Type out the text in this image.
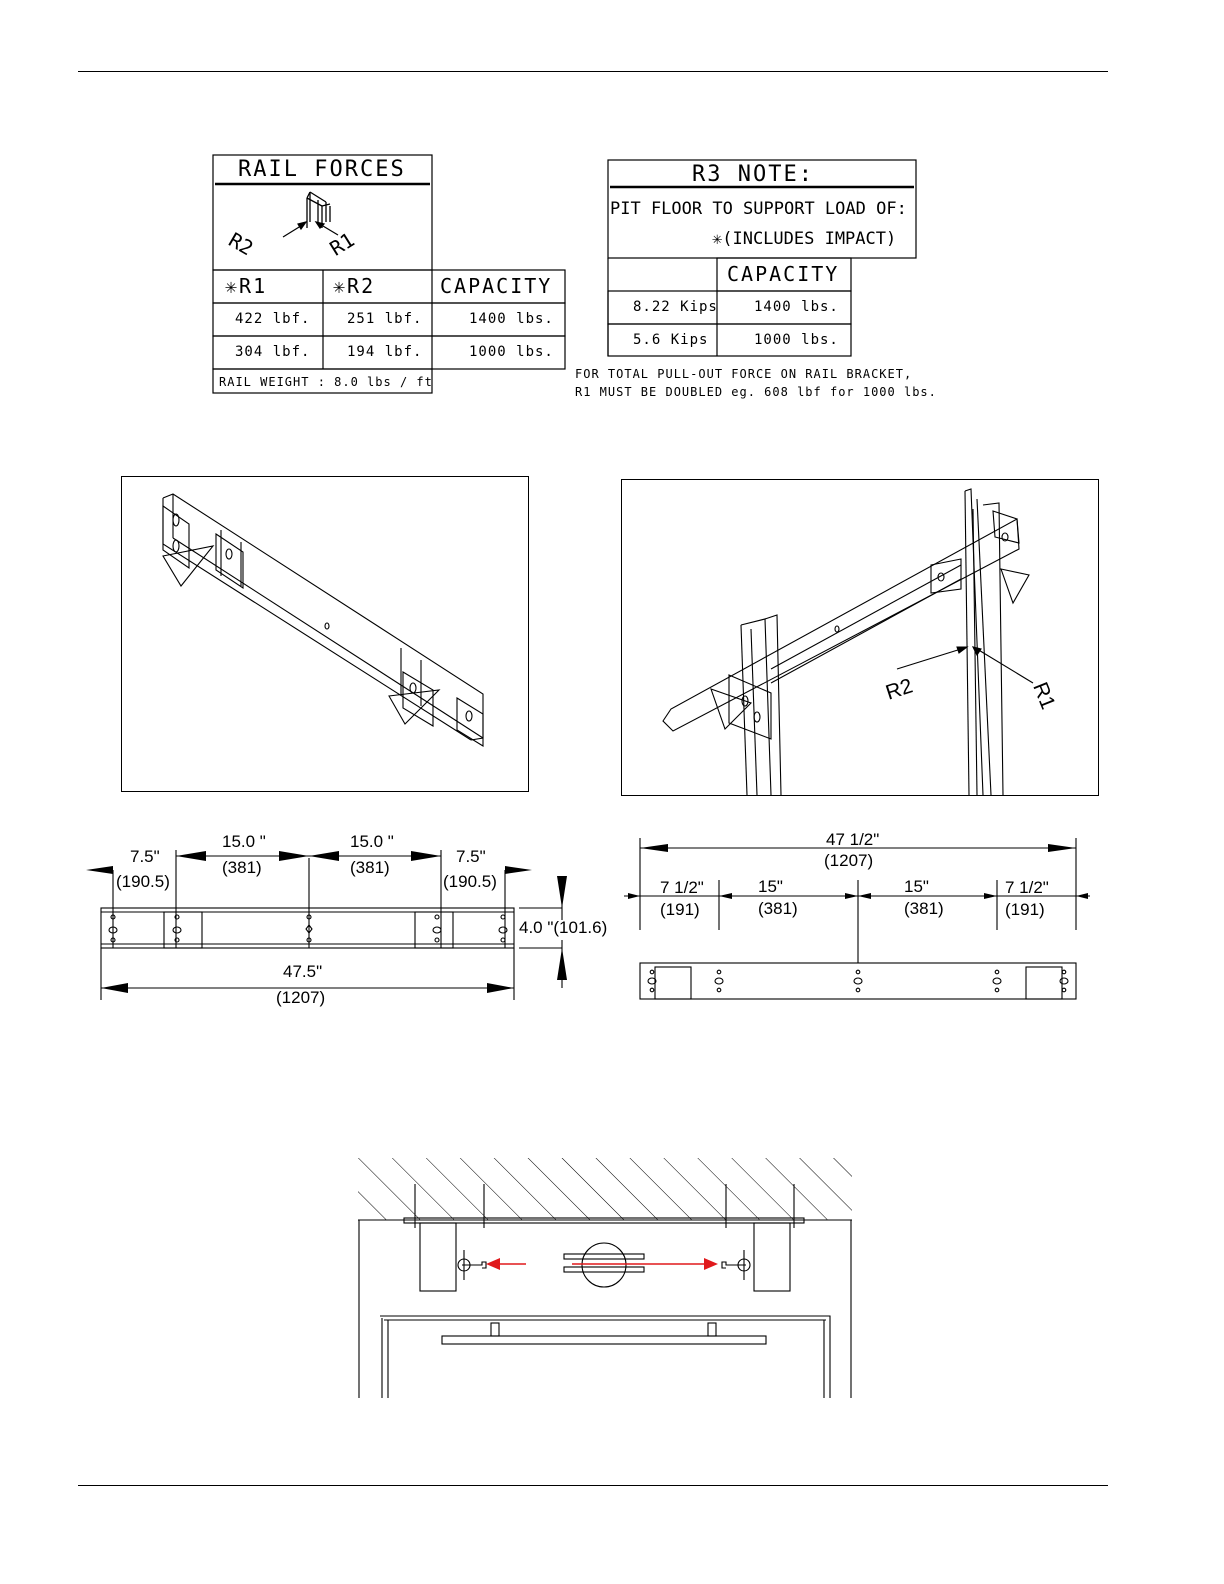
RAIL FORCES
R2	R1
✳R1	✳R2	CAPACITY
422 lbf.	251 lbf.	1400 lbs.
304 lbf.	194 lbf.	1000 lbs.
RAIL WEIGHT : 8.0 lbs / ft
R3 NOTE:
PIT FLOOR TO SUPPORT LOAD OF:
✳(INCLUDES IMPACT)
CAPACITY
8.22 Kips	1400 lbs.
5.6 Kips	1000 lbs.
FOR TOTAL PULL-OUT FORCE ON RAIL BRACKET,
R1 MUST BE DOUBLED eg. 608 lbf for 1000 lbs.
R2	R1
7.5"
(190.5)
15.0 "
(381)
15.0 "
(381)
7.5"
(190.5)
4.0 "(101.6)
47.5"
(1207)
47 1/2"
(1207)
7 1/2"
(191)
15"
(381)
15"
(381)
7 1/2"
(191)
